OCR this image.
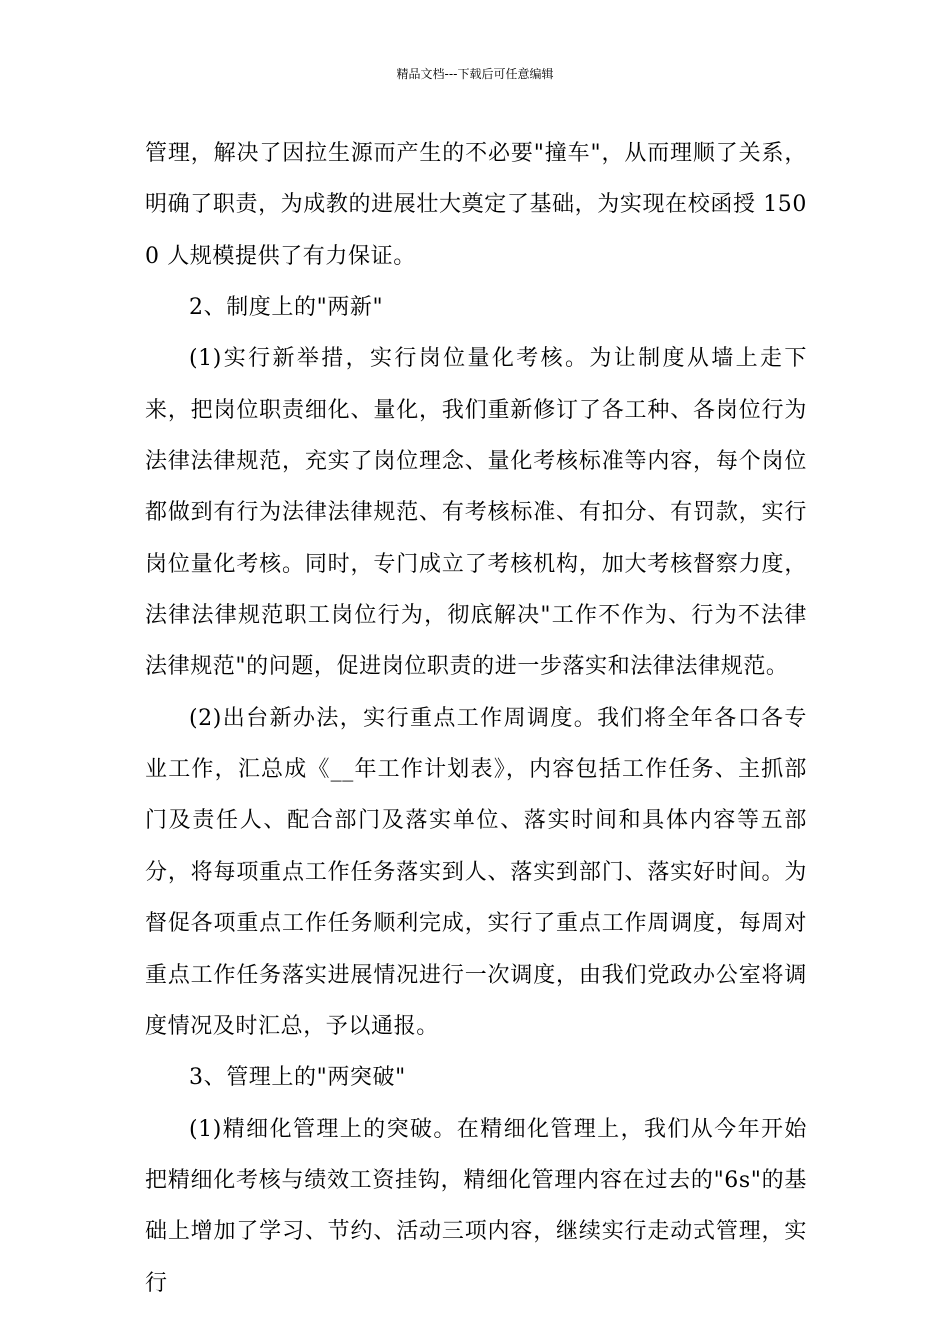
精品文档---下载后可任意编辑

管理，解决了因拉生源而产生的不必要"撞车"，从而理顺了关系，明确了职责，为成教的进展壮大奠定了基础，为实现在校函授 1500 人规模提供了有力保证。

2、制度上的"两新"

(1)实行新举措，实行岗位量化考核。为让制度从墙上走下来，把岗位职责细化、量化，我们重新修订了各工种、各岗位行为法律法律规范，充实了岗位理念、量化考核标准等内容，每个岗位都做到有行为法律法律规范、有考核标准、有扣分、有罚款，实行岗位量化考核。同时，专门成立了考核机构，加大考核督察力度，法律法律规范职工岗位行为，彻底解决"工作不作为、行为不法律法律规范"的问题，促进岗位职责的进一步落实和法律法律规范。

(2)出台新办法，实行重点工作周调度。我们将全年各口各专业工作，汇总成《__年工作计划表》，内容包括工作任务、主抓部门及责任人、配合部门及落实单位、落实时间和具体内容等五部分，将每项重点工作任务落实到人、落实到部门、落实好时间。为督促各项重点工作任务顺利完成，实行了重点工作周调度，每周对重点工作任务落实进展情况进行一次调度，由我们党政办公室将调度情况及时汇总，予以通报。

3、管理上的"两突破"

(1)精细化管理上的突破。在精细化管理上，我们从今年开始把精细化考核与绩效工资挂钩，精细化管理内容在过去的"6s"的基础上增加了学习、节约、活动三项内容，继续实行走动式管理，实行
